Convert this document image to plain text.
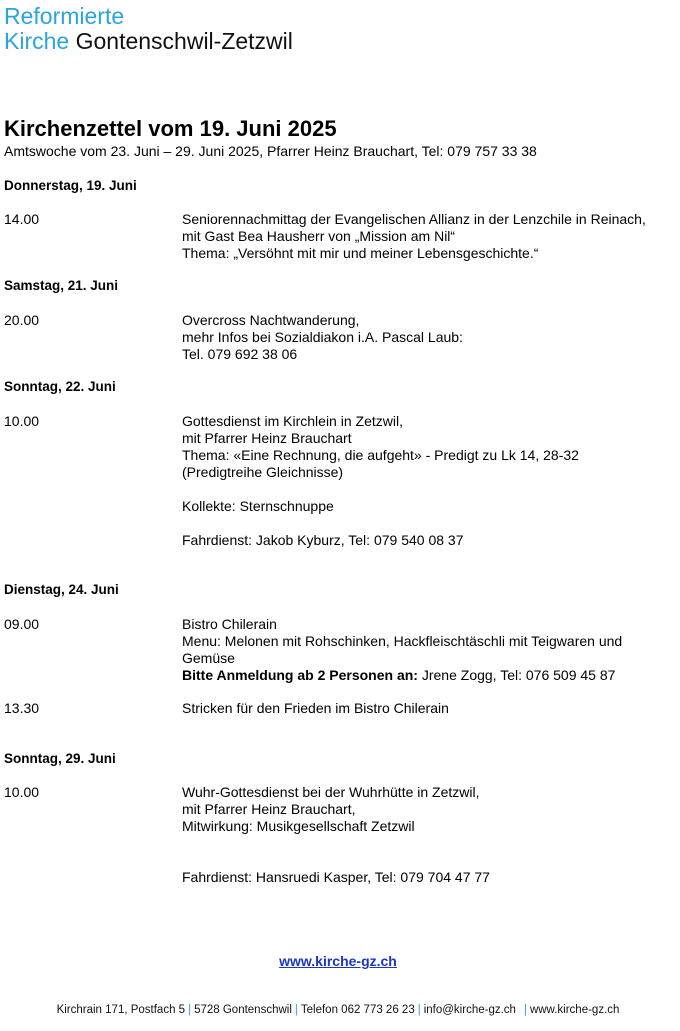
Reformierte
Kirche Gontenschwil-Zetzwil
Kirchenzettel vom 19. Juni 2025
Amtswoche vom 23. Juni – 29. Juni 2025, Pfarrer Heinz Brauchart, Tel: 079 757 33 38
Donnerstag, 19. Juni
14.00	Seniorennachmittag der Evangelischen Allianz in der Lenzchile in Reinach,
mit Gast Bea Hausherr von „Mission am Nil“
Thema: „Versöhnt mit mir und meiner Lebensgeschichte.“
Samstag, 21. Juni
20.00	Overcross Nachtwanderung,
mehr Infos bei Sozialdiakon i.A. Pascal Laub:
Tel. 079 692 38 06
Sonntag, 22. Juni
10.00	Gottesdienst im Kirchlein in Zetzwil,
mit Pfarrer Heinz Brauchart
Thema: «Eine Rechnung, die aufgeht» - Predigt zu Lk 14, 28-32
(Predigtreihe Gleichnisse)
Kollekte: Sternschnuppe
Fahrdienst: Jakob Kyburz, Tel: 079 540 08 37
Dienstag, 24. Juni
09.00	Bistro Chilerain
Menu: Melonen mit Rohschinken, Hackfleischtäschli mit Teigwaren und
Gemüse
Bitte Anmeldung ab 2 Personen an: Jrene Zogg, Tel: 076 509 45 87
13.30	Stricken für den Frieden im Bistro Chilerain
Sonntag, 29. Juni
10.00	Wuhr-Gottesdienst bei der Wuhrhütte in Zetzwil,
mit Pfarrer Heinz Brauchart,
Mitwirkung: Musikgesellschaft Zetzwil
Fahrdienst: Hansruedi Kasper, Tel: 079 704 47 77
www.kirche-gz.ch
Kirchrain 171, Postfach 5 | 5728 Gontenschwil | Telefon 062 773 26 23 | info@kirche-gz.ch | www.kirche-gz.ch
